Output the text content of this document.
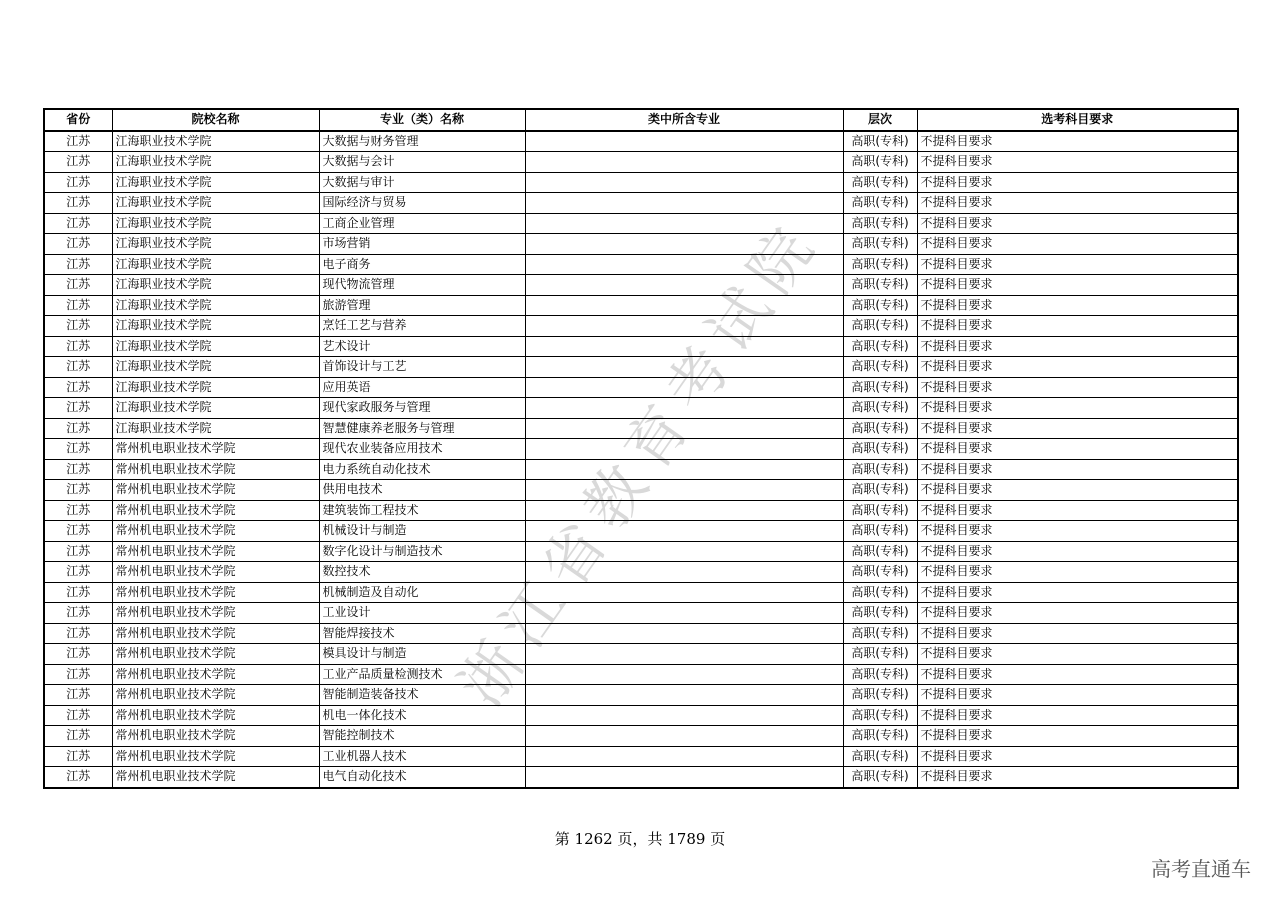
浙江省教育考试院
省份	院校名称	专业（类）名称	类中所含专业	层次	选考科目要求
江苏	江海职业技术学院	大数据与财务管理		高职(专科)	不提科目要求
江苏	江海职业技术学院	大数据与会计		高职(专科)	不提科目要求
江苏	江海职业技术学院	大数据与审计		高职(专科)	不提科目要求
江苏	江海职业技术学院	国际经济与贸易		高职(专科)	不提科目要求
江苏	江海职业技术学院	工商企业管理		高职(专科)	不提科目要求
江苏	江海职业技术学院	市场营销		高职(专科)	不提科目要求
江苏	江海职业技术学院	电子商务		高职(专科)	不提科目要求
江苏	江海职业技术学院	现代物流管理		高职(专科)	不提科目要求
江苏	江海职业技术学院	旅游管理		高职(专科)	不提科目要求
江苏	江海职业技术学院	烹饪工艺与营养		高职(专科)	不提科目要求
江苏	江海职业技术学院	艺术设计		高职(专科)	不提科目要求
江苏	江海职业技术学院	首饰设计与工艺		高职(专科)	不提科目要求
江苏	江海职业技术学院	应用英语		高职(专科)	不提科目要求
江苏	江海职业技术学院	现代家政服务与管理		高职(专科)	不提科目要求
江苏	江海职业技术学院	智慧健康养老服务与管理		高职(专科)	不提科目要求
江苏	常州机电职业技术学院	现代农业装备应用技术		高职(专科)	不提科目要求
江苏	常州机电职业技术学院	电力系统自动化技术		高职(专科)	不提科目要求
江苏	常州机电职业技术学院	供用电技术		高职(专科)	不提科目要求
江苏	常州机电职业技术学院	建筑装饰工程技术		高职(专科)	不提科目要求
江苏	常州机电职业技术学院	机械设计与制造		高职(专科)	不提科目要求
江苏	常州机电职业技术学院	数字化设计与制造技术		高职(专科)	不提科目要求
江苏	常州机电职业技术学院	数控技术		高职(专科)	不提科目要求
江苏	常州机电职业技术学院	机械制造及自动化		高职(专科)	不提科目要求
江苏	常州机电职业技术学院	工业设计		高职(专科)	不提科目要求
江苏	常州机电职业技术学院	智能焊接技术		高职(专科)	不提科目要求
江苏	常州机电职业技术学院	模具设计与制造		高职(专科)	不提科目要求
江苏	常州机电职业技术学院	工业产品质量检测技术		高职(专科)	不提科目要求
江苏	常州机电职业技术学院	智能制造装备技术		高职(专科)	不提科目要求
江苏	常州机电职业技术学院	机电一体化技术		高职(专科)	不提科目要求
江苏	常州机电职业技术学院	智能控制技术		高职(专科)	不提科目要求
江苏	常州机电职业技术学院	工业机器人技术		高职(专科)	不提科目要求
江苏	常州机电职业技术学院	电气自动化技术		高职(专科)	不提科目要求
第 1262 页，共 1789 页
高考直通车
